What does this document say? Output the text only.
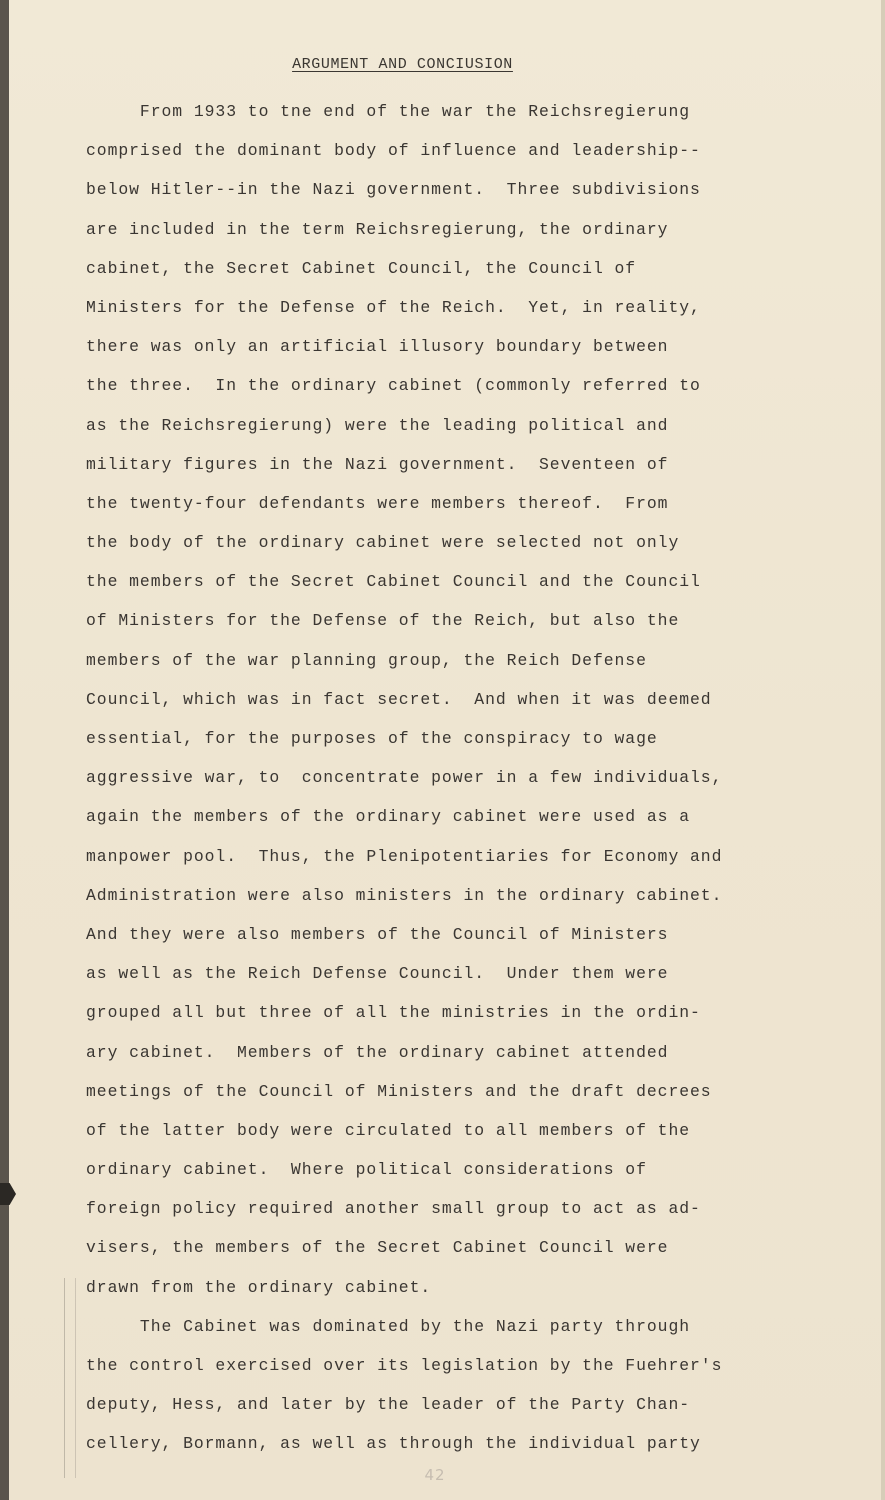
ARGUMENT AND CONCIUSION
From 1933 to tne end of the war the Reichsregierung
comprised the dominant body of influence and leadership--
below Hitler--in the Nazi government.  Three subdivisions
are included in the term Reichsregierung, the ordinary
cabinet, the Secret Cabinet Council, the Council of
Ministers for the Defense of the Reich.  Yet, in reality,
there was only an artificial illusory boundary between
the three.  In the ordinary cabinet (commonly referred to
as the Reichsregierung) were the leading political and
military figures in the Nazi government.  Seventeen of
the twenty-four defendants were members thereof.  From
the body of the ordinary cabinet were selected not only
the members of the Secret Cabinet Council and the Council
of Ministers for the Defense of the Reich, but also the
members of the war planning group, the Reich Defense
Council, which was in fact secret.  And when it was deemed
essential, for the purposes of the conspiracy to wage
aggressive war, to  concentrate power in a few individuals,
again the members of the ordinary cabinet were used as a
manpower pool.  Thus, the Plenipotentiaries for Economy and
Administration were also ministers in the ordinary cabinet.
And they were also members of the Council of Ministers
as well as the Reich Defense Council.  Under them were
grouped all but three of all the ministries in the ordin-
ary cabinet.  Members of the ordinary cabinet attended
meetings of the Council of Ministers and the draft decrees
of the latter body were circulated to all members of the
ordinary cabinet.  Where political considerations of
foreign policy required another small group to act as ad-
visers, the members of the Secret Cabinet Council were
drawn from the ordinary cabinet.
The Cabinet was dominated by the Nazi party through
the control exercised over its legislation by the Fuehrer's
deputy, Hess, and later by the leader of the Party Chan-
cellery, Bormann, as well as through the individual party
42
